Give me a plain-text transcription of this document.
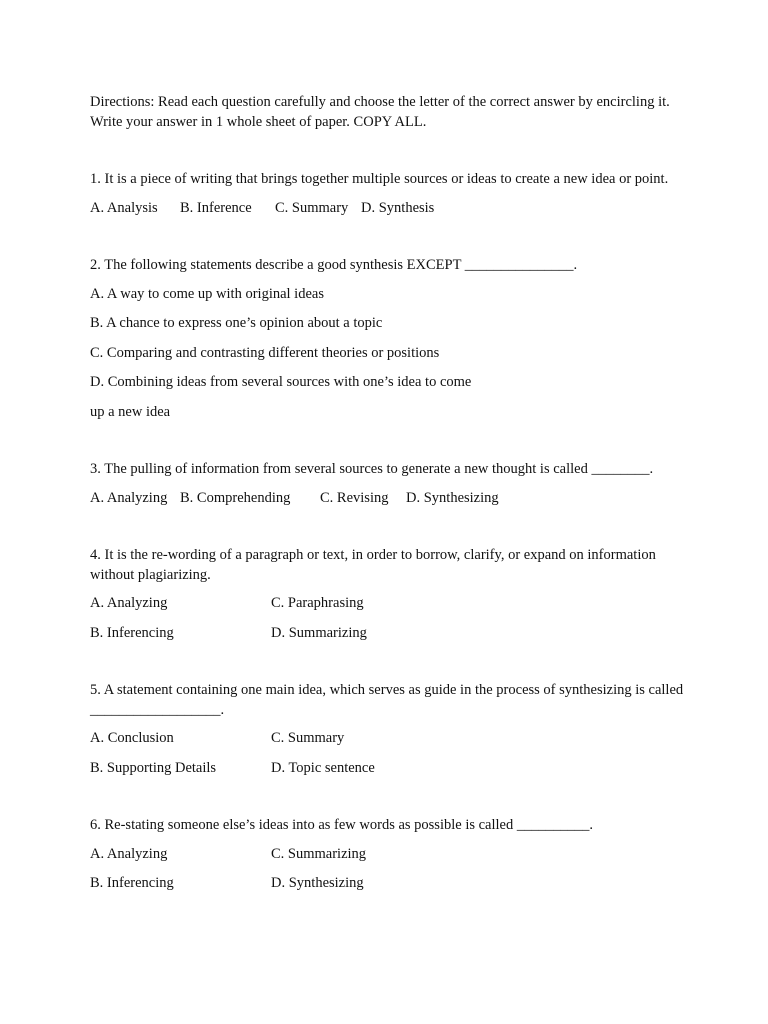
Directions: Read each question carefully and choose the letter of the correct answer by encircling it. Write your answer in 1 whole sheet of paper. COPY ALL.

1. It is a piece of writing that brings together multiple sources or ideas to create a new idea or point.

A. Analysis B. Inference C. Summary D. Synthesis

2. The following statements describe a good synthesis EXCEPT _______________.

A. A way to come up with original ideas

B. A chance to express one’s opinion about a topic

C. Comparing and contrasting different theories or positions

D. Combining ideas from several sources with one’s idea to come

up a new idea

3. The pulling of information from several sources to generate a new thought is called ________.

A. Analyzing B. Comprehending C. Revising D. Synthesizing

4. It is the re-wording of a paragraph or text, in order to borrow, clarify, or expand on information without plagiarizing.

A. Analyzing	C. Paraphrasing
B. Inferencing	D. Summarizing

5. A statement containing one main idea, which serves as guide in the process of synthesizing is called __________________.

A. Conclusion	C. Summary
B. Supporting Details	D. Topic sentence

6. Re-stating someone else’s ideas into as few words as possible is called __________.

A. Analyzing	C. Summarizing
B. Inferencing	D. Synthesizing
